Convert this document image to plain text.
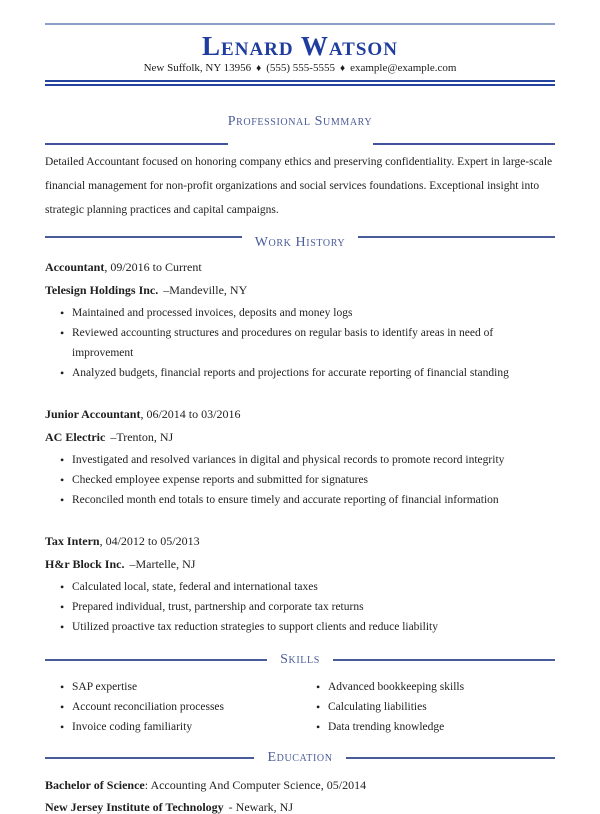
Lenard Watson
New Suffolk, NY 13956 ♦ (555) 555-5555 ♦ example@example.com
Professional Summary

Detailed Accountant focused on honoring company ethics and preserving confidentiality. Expert in large-scale financial management for non-profit organizations and social services foundations. Exceptional insight into strategic planning practices and capital campaigns.

Work History

Accountant, 09/2016 to Current

Telesign Holdings Inc. –Mandeville, NY

• Maintained and processed invoices, deposits and money logs
• Reviewed accounting structures and procedures on regular basis to identify areas in need of improvement
• Analyzed budgets, financial reports and projections for accurate reporting of financial standing

Junior Accountant, 06/2014 to 03/2016

AC Electric –Trenton, NJ

• Investigated and resolved variances in digital and physical records to promote record integrity
• Checked employee expense reports and submitted for signatures
• Reconciled month end totals to ensure timely and accurate reporting of financial information

Tax Intern, 04/2012 to 05/2013

H&r Block Inc. –Martelle, NJ

• Calculated local, state, federal and international taxes
• Prepared individual, trust, partnership and corporate tax returns
• Utilized proactive tax reduction strategies to support clients and reduce liability
Skills
• SAP expertise
• Account reconciliation processes
• Invoice coding familiarity
• Advanced bookkeeping skills
• Calculating liabilities
• Data trending knowledge
Education

Bachelor of Science: Accounting And Computer Science, 05/2014

New Jersey Institute of Technology - Newark, NJ
